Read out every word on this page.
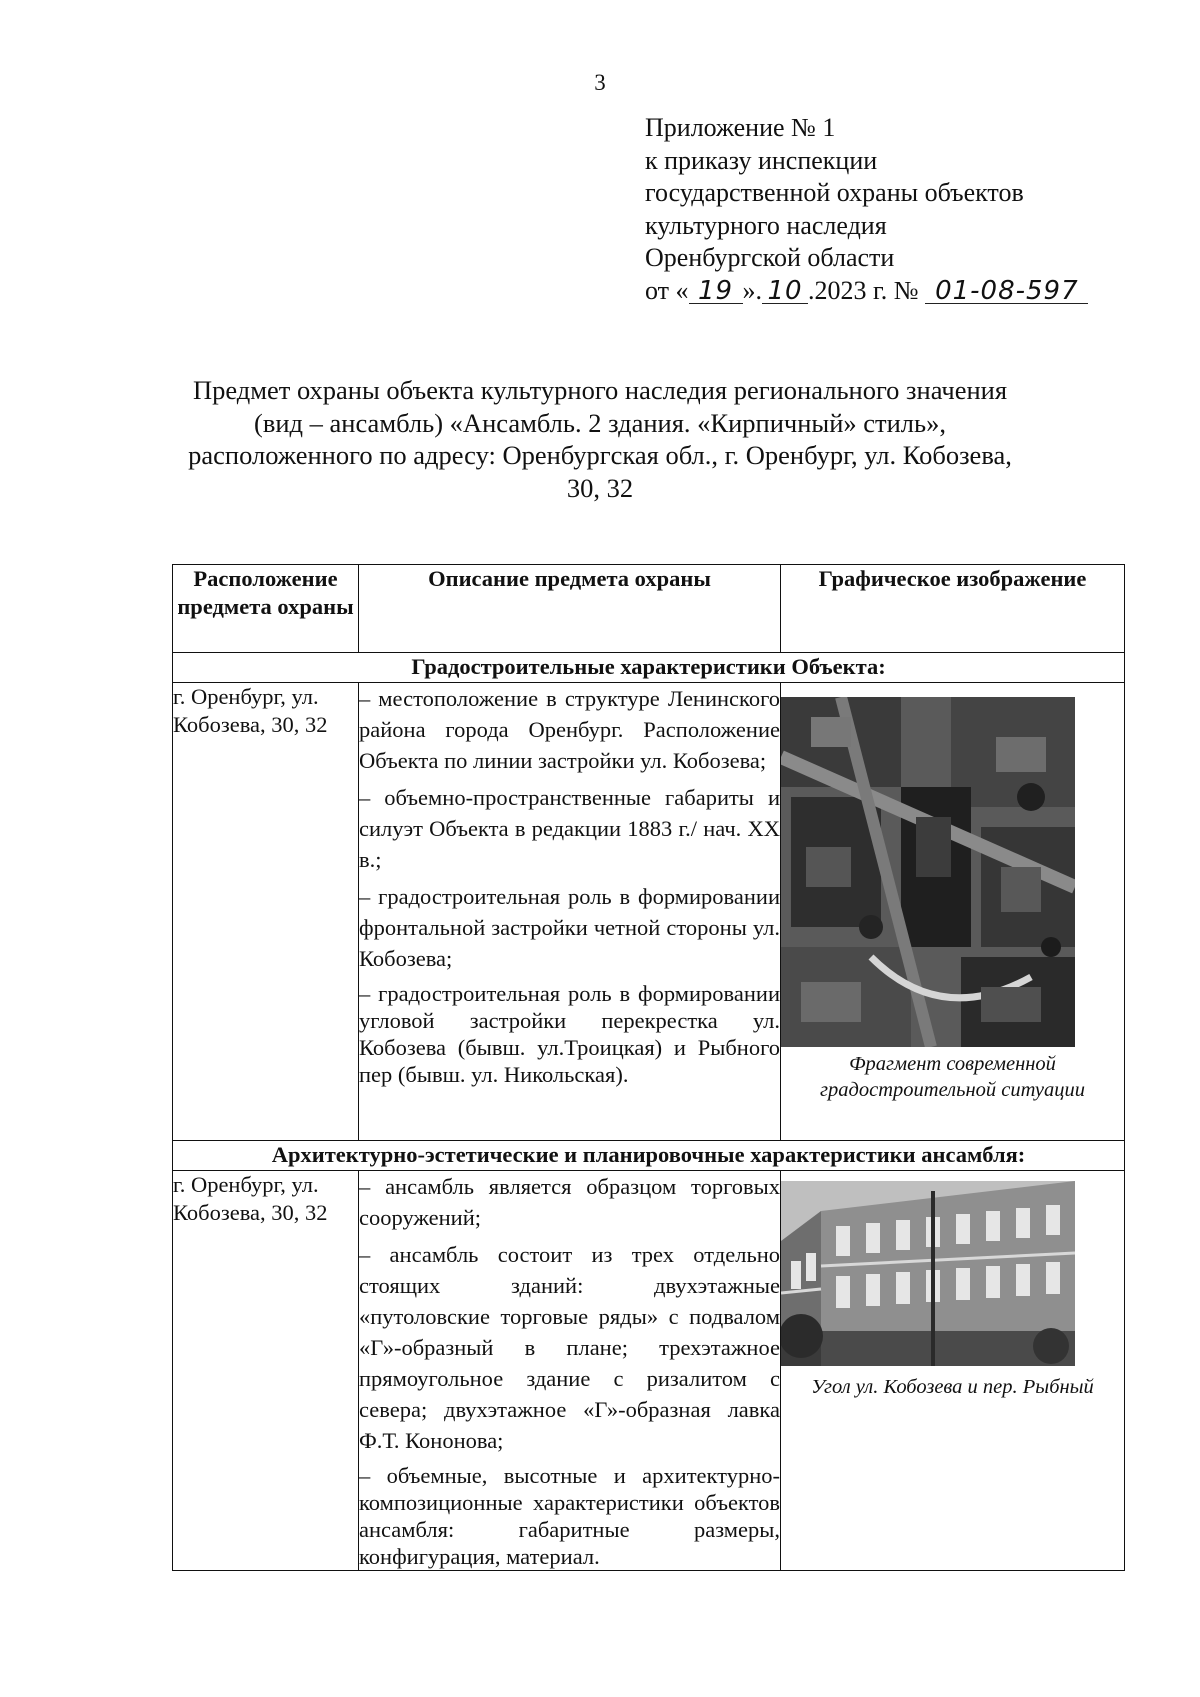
3
Приложение № 1
к приказу инспекции
государственной охраны объектов
культурного наследия
Оренбургской области
от « 19 ». 10 .2023 г. № 01-08-597
Предмет охраны объекта культурного наследия регионального значения
(вид – ансамбль) «Ансамбль. 2 здания. «Кирпичный» стиль»,
расположенного по адресу: Оренбургская обл., г. Оренбург, ул. Кобозева,
30, 32
Расположение предмета охраны	Описание предмета охраны	Графическое изображение
Градостроительные характеристики Объекта:		
г. Оренбург, ул. Кобозева, 30, 32	– местоположение в структуре Ленинского района города Оренбург. Расположение Объекта по линии застройки ул. Кобозева;

– объемно-пространственные габариты и силуэт Объекта в редакции 1883 г./ нач. XX в.;

– градостроительная роль в формировании фронтальной застройки четной стороны ул. Кобозева;

– градостроительная роль в формировании угловой застройки перекрестка ул. Кобозева (бывш. ул.Троицкая) и Рыбного пер (бывш. ул. Никольская).	Фрагмент современной градостроительной ситуации

Архитектурно-эстетические и планировочные характеристики ансамбля:		
г. Оренбург, ул. Кобозева, 30, 32	– ансамбль является образцом торговых сооружений;

– ансамбль состоит из трех отдельно стоящих зданий: двухэтажные «путоловские торговые ряды» с подвалом «Г»-образный в плане; трехэтажное прямоугольное здание с ризалитом с севера; двухэтажное «Г»-образная лавка Ф.Т. Кононова;

– объемные, высотные и архитектурно-композиционные характеристики объектов ансамбля: габаритные размеры, конфигурация, материал.	Угол ул. Кобозева и пер. Рыбный
